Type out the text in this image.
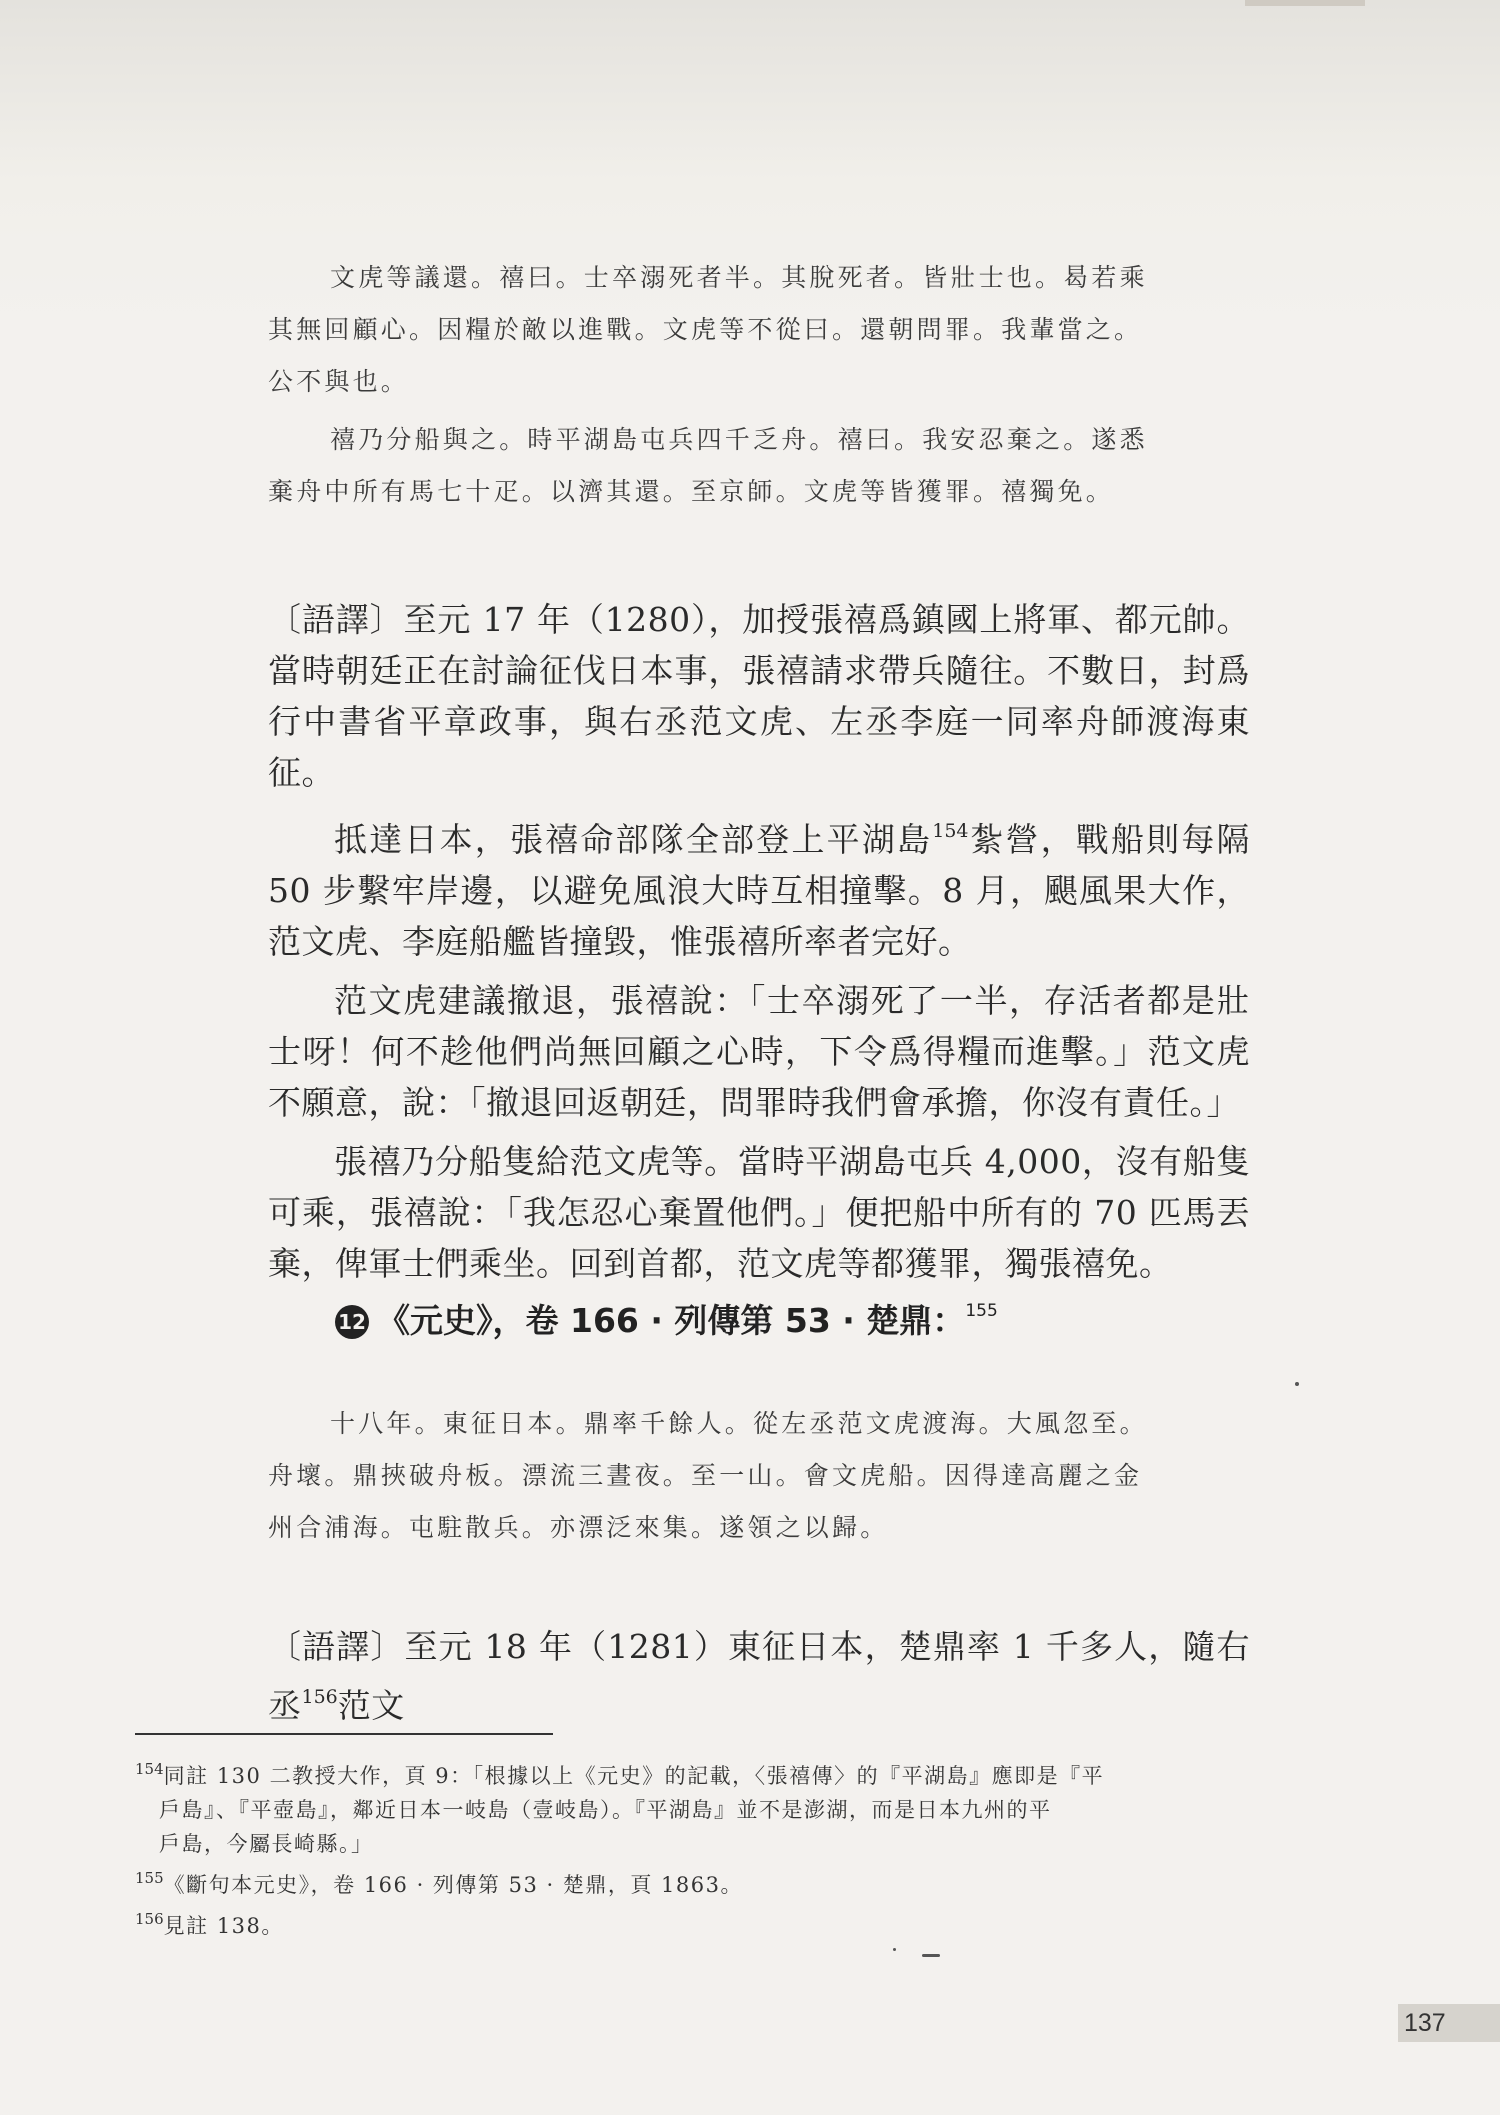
文虎等議還。禧曰。士卒溺死者半。其脫死者。皆壯士也。曷若乘

其無回顧心。因糧於敵以進戰。文虎等不從曰。還朝問罪。我輩當之。

公不與也。

禧乃分船與之。時平湖島屯兵四千乏舟。禧曰。我安忍棄之。遂悉

棄舟中所有馬七十疋。以濟其還。至京師。文虎等皆獲罪。禧獨免。

〔語譯〕至元 17 年（1280），加授張禧爲鎮國上將軍、都元帥。當時朝廷正在討論征伐日本事，張禧請求帶兵隨往。不數日，封爲行中書省平章政事，與右丞范文虎、左丞李庭一同率舟師渡海東征。

抵達日本，張禧命部隊全部登上平湖島$^{154}$紮營，戰船則每隔 50 步繫牢岸邊，以避免風浪大時互相撞擊。8 月，颶風果大作，范文虎、李庭船艦皆撞毀，惟張禧所率者完好。

范文虎建議撤退，張禧說：「士卒溺死了一半，存活者都是壯士呀！何不趁他們尚無回顧之心時，下令爲得糧而進擊。」范文虎不願意，說：「撤退回返朝廷，問罪時我們會承擔，你沒有責任。」

張禧乃分船隻給范文虎等。當時平湖島屯兵 4,000，沒有船隻可乘，張禧說：「我怎忍心棄置他們。」便把船中所有的 70 匹馬丟棄，俾軍士們乘坐。回到首都，范文虎等都獲罪，獨張禧免。

12 《元史》，卷 166 · 列傳第 53 · 楚鼎：$^{155}$

十八年。東征日本。鼎率千餘人。從左丞范文虎渡海。大風忽至。

舟壞。鼎挾破舟板。漂流三晝夜。至一山。會文虎船。因得達高麗之金

州合浦海。屯駐散兵。亦漂泛來集。遂領之以歸。

〔語譯〕至元 18 年（1281）東征日本，楚鼎率 1 千多人，隨右丞$^{156}$范文

$^{154}$同註 130 二教授大作，頁 9：「根據以上《元史》的記載，〈張禧傳〉的『平湖島』應即是『平

戶島』、『平壺島』，鄰近日本一岐島（壹岐島）。『平湖島』並不是澎湖，而是日本九州的平

戶島，今屬長崎縣。」

$^{155}$《斷句本元史》，卷 166 · 列傳第 53 · 楚鼎，頁 1863。

$^{156}$見註 138。

137
